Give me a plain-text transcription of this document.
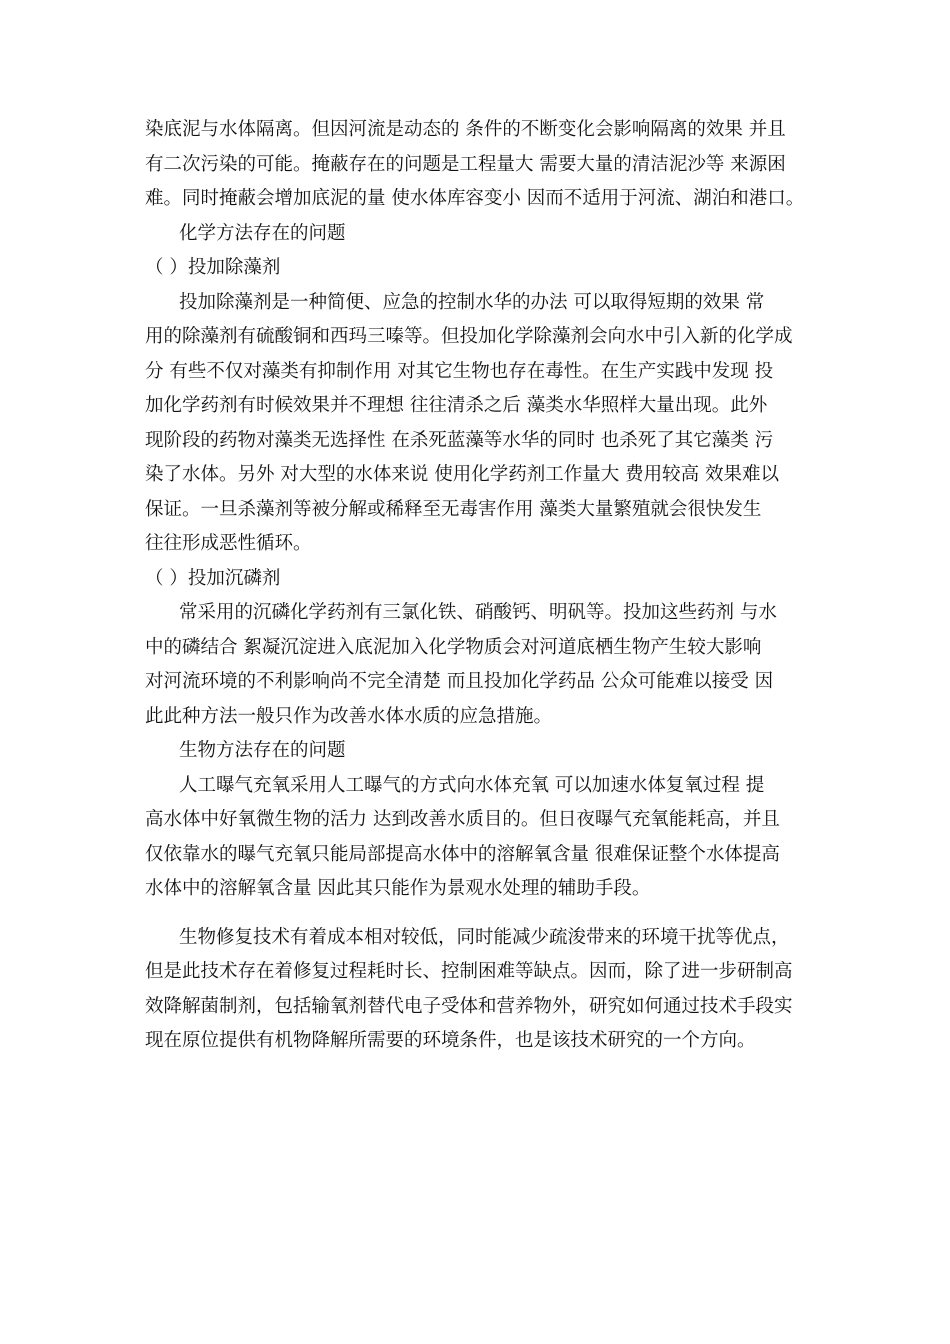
染底泥与水体隔离。但因河流是动态的 条件的不断变化会影响隔离的效果 并且
有二次污染的可能。掩蔽存在的问题是工程量大 需要大量的清洁泥沙等 来源困
难。同时掩蔽会增加底泥的量 使水体库容变小 因而不适用于河流、湖泊和港口。
化学方法存在的问题
（ ）投加除藻剂
投加除藻剂是一种简便、应急的控制水华的办法 可以取得短期的效果 常
用的除藻剂有硫酸铜和西玛三嗪等。但投加化学除藻剂会向水中引入新的化学成
分 有些不仅对藻类有抑制作用 对其它生物也存在毒性。在生产实践中发现 投
加化学药剂有时候效果并不理想 往往清杀之后 藻类水华照样大量出现。此外
现阶段的药物对藻类无选择性 在杀死蓝藻等水华的同时 也杀死了其它藻类 污
染了水体。另外 对大型的水体来说 使用化学药剂工作量大 费用较高 效果难以
保证。一旦杀藻剂等被分解或稀释至无毒害作用 藻类大量繁殖就会很快发生
往往形成恶性循环。
（ ）投加沉磷剂
常采用的沉磷化学药剂有三氯化铁、硝酸钙、明矾等。投加这些药剂 与水
中的磷结合 絮凝沉淀进入底泥加入化学物质会对河道底栖生物产生较大影响
对河流环境的不利影响尚不完全清楚 而且投加化学药品 公众可能难以接受 因
此此种方法一般只作为改善水体水质的应急措施。
生物方法存在的问题
人工曝气充氧采用人工曝气的方式向水体充氧 可以加速水体复氧过程 提
高水体中好氧微生物的活力 达到改善水质目的。但日夜曝气充氧能耗高，并且
仅依靠水的曝气充氧只能局部提高水体中的溶解氧含量 很难保证整个水体提高
水体中的溶解氧含量 因此其只能作为景观水处理的辅助手段。
生物修复技术有着成本相对较低，同时能减少疏浚带来的环境干扰等优点，
但是此技术存在着修复过程耗时长、控制困难等缺点。因而，除了进一步研制高
效降解菌制剂，包括输氧剂替代电子受体和营养物外，研究如何通过技术手段实
现在原位提供有机物降解所需要的环境条件，也是该技术研究的一个方向。
